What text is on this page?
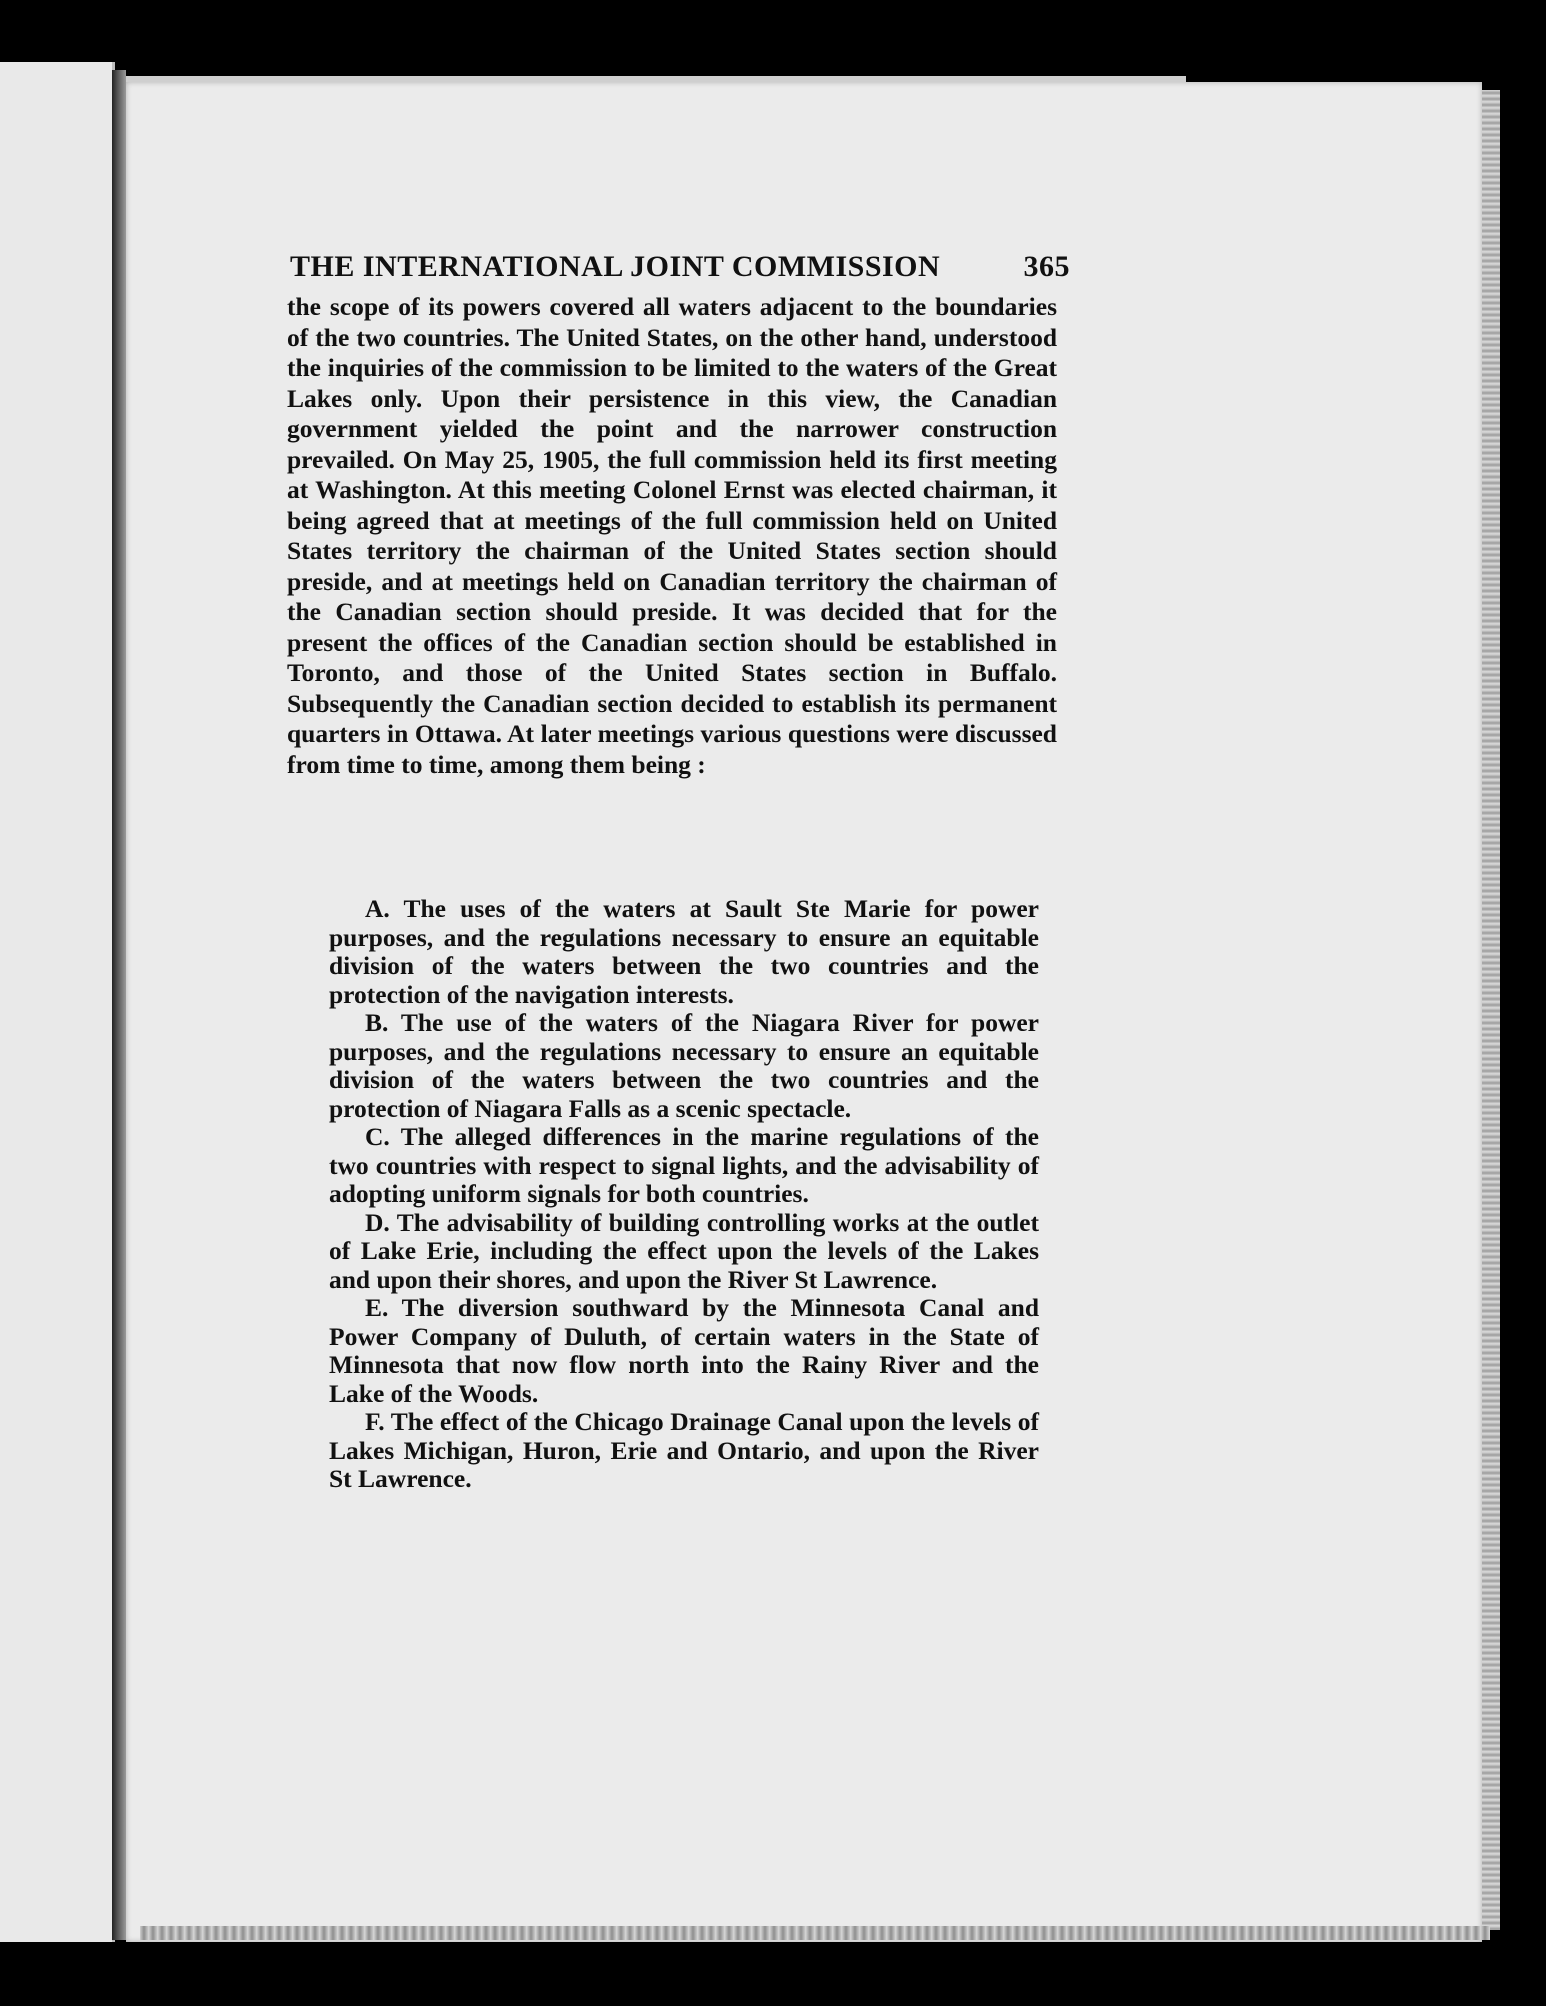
THE INTERNATIONAL JOINT COMMISSION	365

the scope of its powers covered all waters adjacent to the boundaries of the two countries. The United States, on the other hand, understood the inquiries of the commission to be limited to the waters of the Great Lakes only. Upon their persistence in this view, the Canadian government yielded the point and the narrower construction prevailed. On May 25, 1905, the full commission held its first meeting at Washington. At this meeting Colonel Ernst was elected chairman, it being agreed that at meetings of the full commission held on United States territory the chairman of the United States section should preside, and at meetings held on Canadian territory the chairman of the Canadian section should preside. It was decided that for the present the offices of the Canadian section should be established in Toronto, and those of the United States section in Buffalo. Subsequently the Canadian section decided to establish its permanent quarters in Ottawa. At later meetings various questions were discussed from time to time, among them being :

A. The uses of the waters at Sault Ste Marie for power purposes, and the regulations necessary to ensure an equitable division of the waters between the two countries and the protection of the navigation interests.

B. The use of the waters of the Niagara River for power purposes, and the regulations necessary to ensure an equitable division of the waters between the two countries and the protection of Niagara Falls as a scenic spectacle.

C. The alleged differences in the marine regulations of the two countries with respect to signal lights, and the advisability of adopting uniform signals for both countries.

D. The advisability of building controlling works at the outlet of Lake Erie, including the effect upon the levels of the Lakes and upon their shores, and upon the River St Lawrence.

E. The diversion southward by the Minnesota Canal and Power Company of Duluth, of certain waters in the State of Minnesota that now flow north into the Rainy River and the Lake of the Woods.

F. The effect of the Chicago Drainage Canal upon the levels of Lakes Michigan, Huron, Erie and Ontario, and upon the River St Lawrence.
